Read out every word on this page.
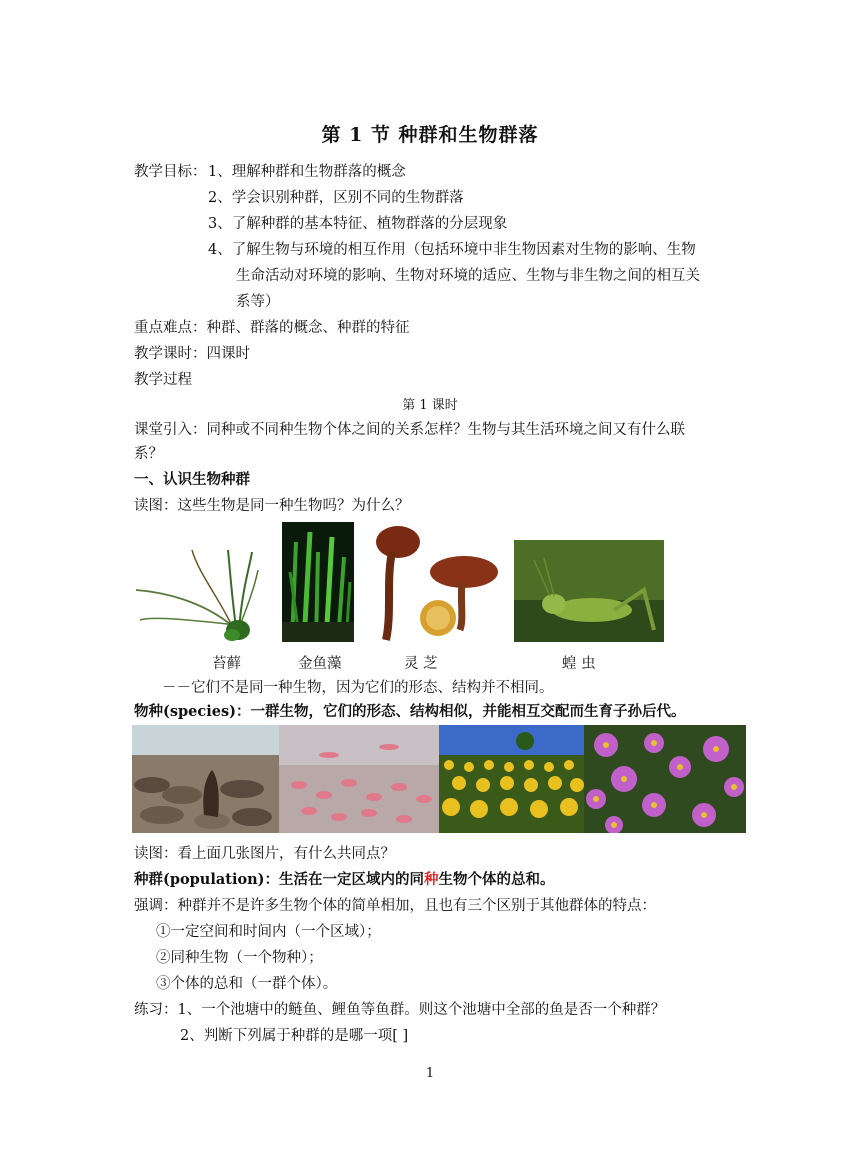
第 1 节 种群和生物群落
教学目标： 1、理解种群和生物群落的概念
2、学会识别种群，区别不同的生物群落
3、了解种群的基本特征、植物群落的分层现象
4、了解生物与环境的相互作用（包括环境中非生物因素对生物的影响、生物
生命活动对环境的影响、生物对环境的适应、生物与非生物之间的相互关
系等）
重点难点：种群、群落的概念、种群的特征
教学课时：四课时
教学过程
第 1 课时
课堂引入：同种或不同种生物个体之间的关系怎样？生物与其生活环境之间又有什么联
系？
一、认识生物种群
读图：这些生物是同一种生物吗？为什么？
苔藓	金鱼藻	灵 芝	蝗 虫
－－它们不是同一种生物，因为它们的形态、结构并不相同。
物种(species)：一群生物，它们的形态、结构相似，并能相互交配而生育子孙后代。
读图：看上面几张图片，有什么共同点？
种群(population)：生活在一定区域内的同种生物个体的总和。
强调：种群并不是许多生物个体的简单相加，且也有三个区别于其他群体的特点：
①一定空间和时间内（一个区域）；
②同种生物（一个物种）；
③个体的总和（一群个体）。
练习：1、一个池塘中的鲢鱼、鲤鱼等鱼群。则这个池塘中全部的鱼是否一个种群？
2、判断下列属于种群的是哪一项[ ]
1
